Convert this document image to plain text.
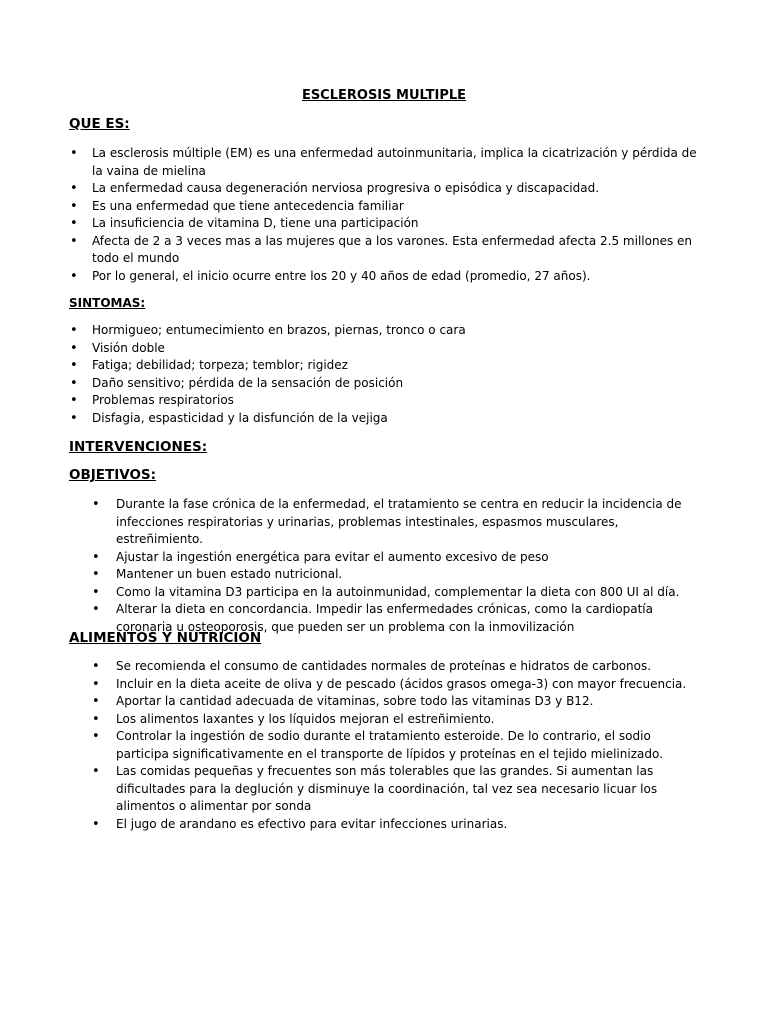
ESCLEROSIS MULTIPLE
QUE ES:
• La esclerosis múltiple (EM) es una enfermedad autoinmunitaria, implica la cicatrización y pérdida de la vaina de mielina
• La enfermedad causa degeneración nerviosa progresiva o episódica y discapacidad.
• Es una enfermedad que tiene antecedencia familiar
• La insuficiencia de vitamina D, tiene una participación
• Afecta de 2 a 3 veces mas a las mujeres que a los varones. Esta enfermedad afecta 2.5 millones en todo el mundo
• Por lo general, el inicio ocurre entre los 20 y 40 años de edad (promedio, 27 años).
SINTOMAS:
• Hormigueo; entumecimiento en brazos, piernas, tronco o cara
• Visión doble
• Fatiga; debilidad; torpeza; temblor; rigidez
• Daño sensitivo; pérdida de la sensación de posición
• Problemas respiratorios
• Disfagia, espasticidad y la disfunción de la vejiga
INTERVENCIONES:
OBJETIVOS:
• Durante la fase crónica de la enfermedad, el tratamiento se centra en reducir la incidencia de infecciones respiratorias y urinarias, problemas intestinales, espasmos musculares, estreñimiento.
• Ajustar la ingestión energética para evitar el aumento excesivo de peso
• Mantener un buen estado nutricional.
• Como la vitamina D3 participa en la autoinmunidad, complementar la dieta con 800 UI al día.
• Alterar la dieta en concordancia. Impedir las enfermedades crónicas, como la cardiopatía coronaria u osteoporosis, que pueden ser un problema con la inmovilización
ALIMENTOS Y NUTRICION
• Se recomienda el consumo de cantidades normales de proteínas e hidratos de carbonos.
• Incluir en la dieta aceite de oliva y de pescado (ácidos grasos omega-3) con mayor frecuencia.
• Aportar la cantidad adecuada de vitaminas, sobre todo las vitaminas D3 y B12.
• Los alimentos laxantes y los líquidos mejoran el estreñimiento.
• Controlar la ingestión de sodio durante el tratamiento esteroide. De lo contrario, el sodio participa significativamente en el transporte de lípidos y proteínas en el tejido mielinizado.
• Las comidas pequeñas y frecuentes son más tolerables que las grandes. Si aumentan las dificultades para la deglución y disminuye la coordinación, tal vez sea necesario licuar los alimentos o alimentar por sonda
• El jugo de arandano es efectivo para evitar infecciones urinarias.
